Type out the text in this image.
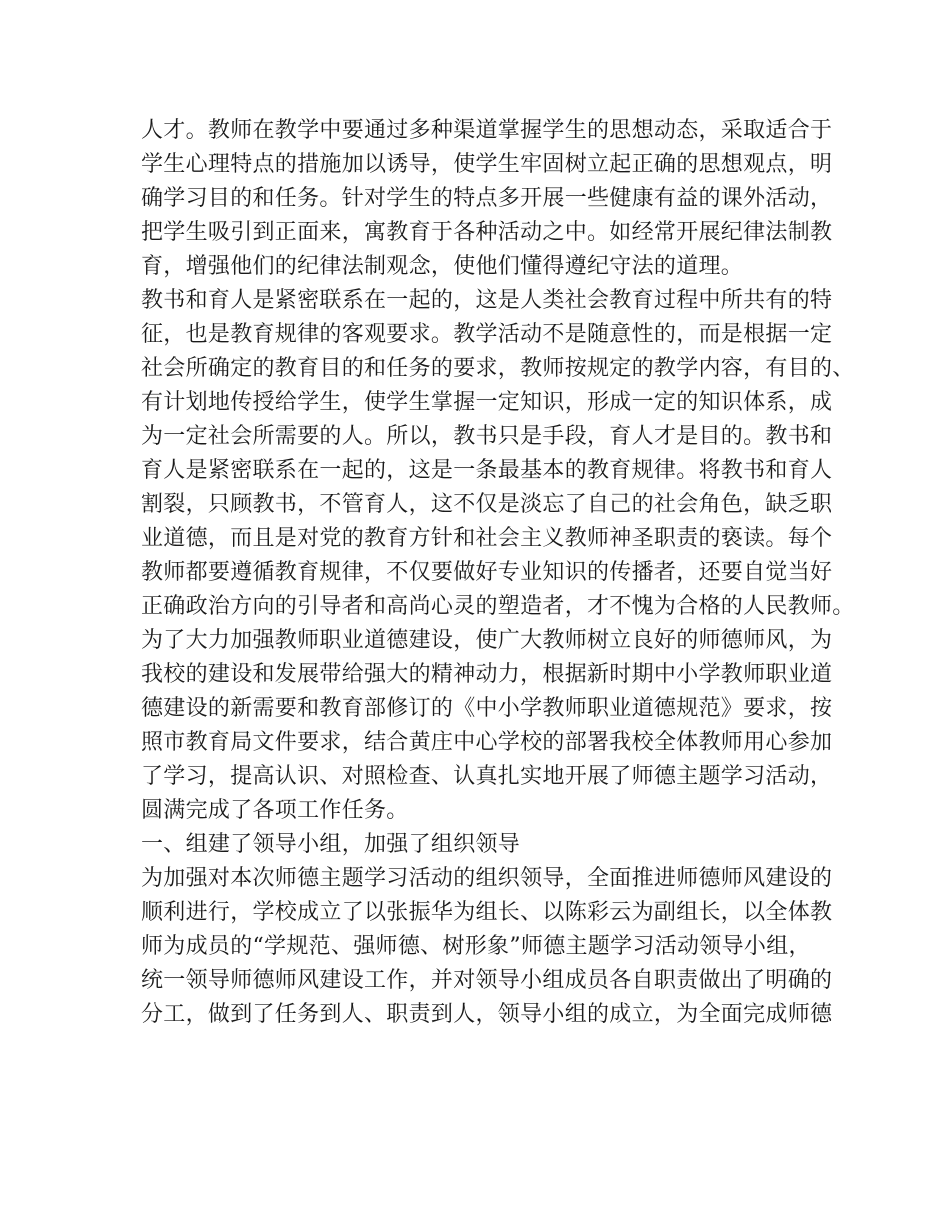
人才。教师在教学中要通过多种渠道掌握学生的思想动态，采取适合于
学生心理特点的措施加以诱导，使学生牢固树立起正确的思想观点，明
确学习目的和任务。针对学生的特点多开展一些健康有益的课外活动，
把学生吸引到正面来，寓教育于各种活动之中。如经常开展纪律法制教
育，增强他们的纪律法制观念，使他们懂得遵纪守法的道理。
教书和育人是紧密联系在一起的，这是人类社会教育过程中所共有的特
征，也是教育规律的客观要求。教学活动不是随意性的，而是根据一定
社会所确定的教育目的和任务的要求，教师按规定的教学内容，有目的、
有计划地传授给学生，使学生掌握一定知识，形成一定的知识体系，成
为一定社会所需要的人。所以，教书只是手段，育人才是目的。教书和
育人是紧密联系在一起的，这是一条最基本的教育规律。将教书和育人
割裂，只顾教书，不管育人，这不仅是淡忘了自己的社会角色，缺乏职
业道德，而且是对党的教育方针和社会主义教师神圣职责的亵读。每个
教师都要遵循教育规律，不仅要做好专业知识的传播者，还要自觉当好
正确政治方向的引导者和高尚心灵的塑造者，才不愧为合格的人民教师。
为了大力加强教师职业道德建设，使广大教师树立良好的师德师风，为
我校的建设和发展带给强大的精神动力，根据新时期中小学教师职业道
德建设的新需要和教育部修订的《中小学教师职业道德规范》要求，按
照市教育局文件要求，结合黄庄中心学校的部署我校全体教师用心参加
了学习，提高认识、对照检查、认真扎实地开展了师德主题学习活动，
圆满完成了各项工作任务。
一、组建了领导小组，加强了组织领导
为加强对本次师德主题学习活动的组织领导，全面推进师德师风建设的
顺利进行，学校成立了以张振华为组长、以陈彩云为副组长，以全体教
师为成员的“学规范、强师德、树形象”师德主题学习活动领导小组，
统一领导师德师风建设工作，并对领导小组成员各自职责做出了明确的
分工，做到了任务到人、职责到人，领导小组的成立，为全面完成师德
